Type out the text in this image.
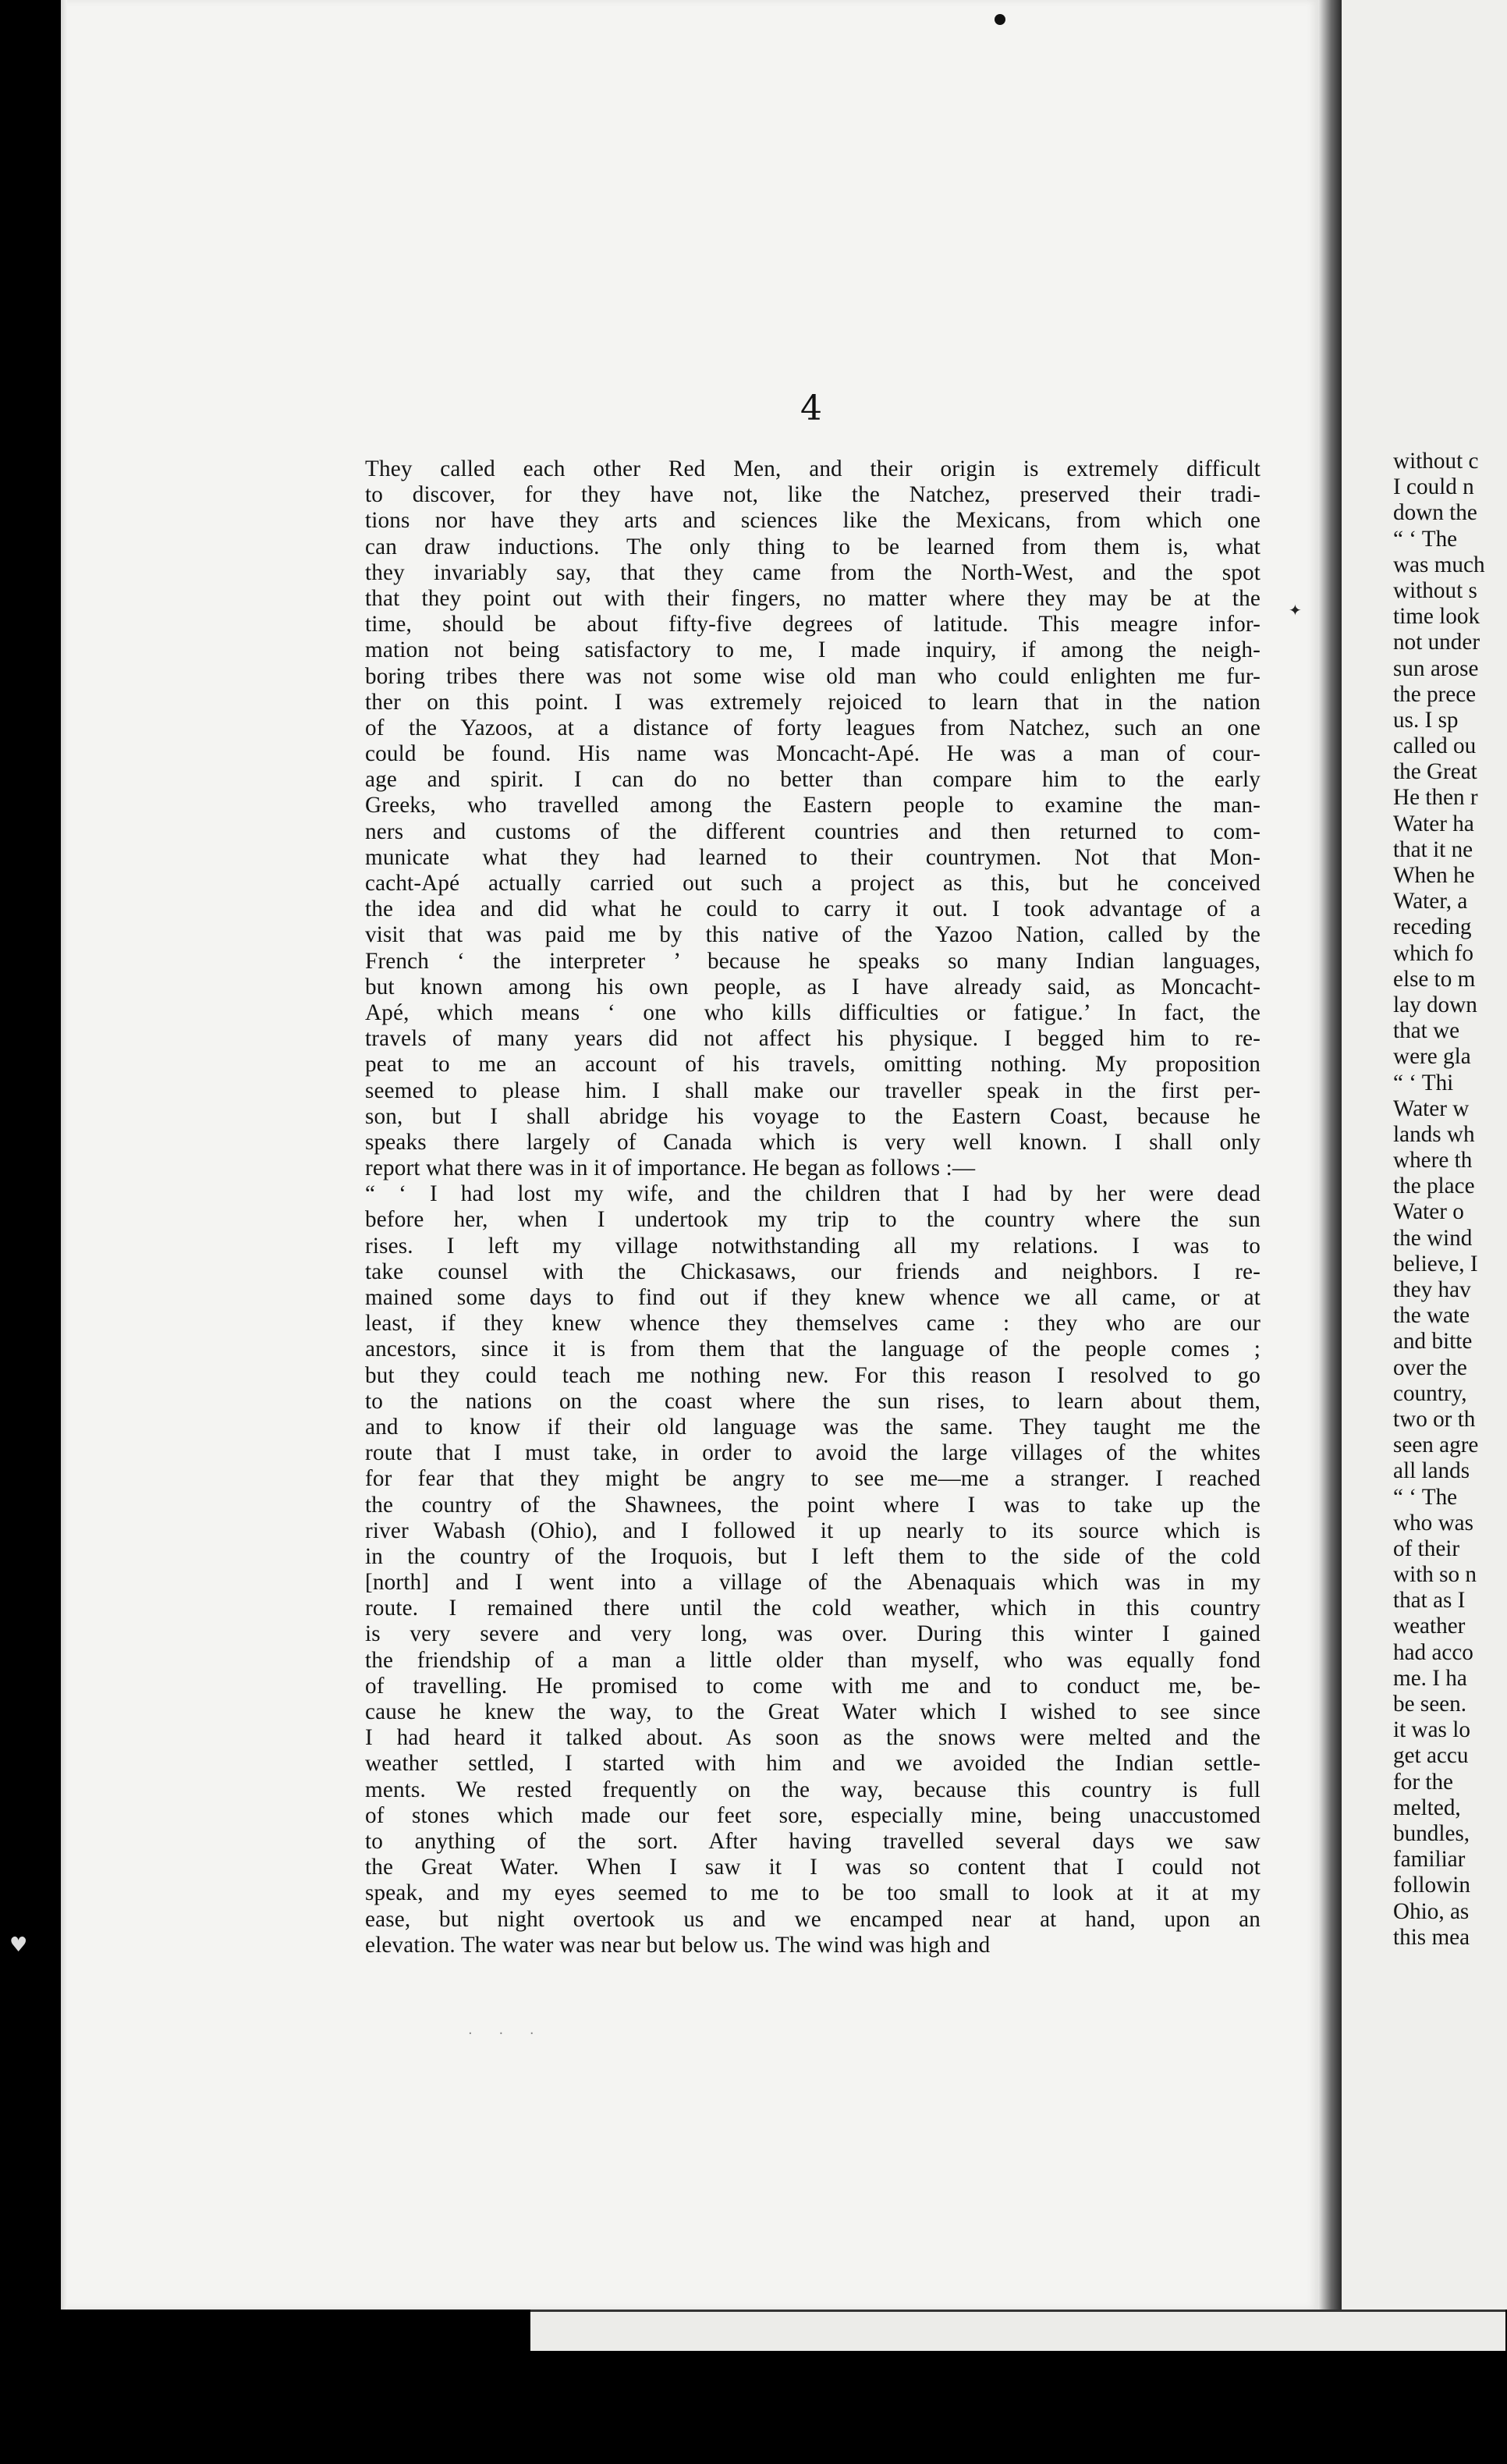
✦
♥
· · ·
4
They called each other Red Men, and their origin is extremely difficult
to discover, for they have not, like the Natchez, preserved their tradi-
tions nor have they arts and sciences like the Mexicans, from which one
can draw inductions. The only thing to be learned from them is, what
they invariably say, that they came from the North-West, and the spot
that they point out with their fingers, no matter where they may be at the
time, should be about fifty-five degrees of latitude. This meagre infor-
mation not being satisfactory to me, I made inquiry, if among the neigh-
boring tribes there was not some wise old man who could enlighten me fur-
ther on this point. I was extremely rejoiced to learn that in the nation
of the Yazoos, at a distance of forty leagues from Natchez, such an one
could be found. His name was Moncacht-Apé. He was a man of cour-
age and spirit. I can do no better than compare him to the early
Greeks, who travelled among the Eastern people to examine the man-
ners and customs of the different countries and then returned to com-
municate what they had learned to their countrymen. Not that Mon-
cacht-Apé actually carried out such a project as this, but he conceived
the idea and did what he could to carry it out. I took advantage of a
visit that was paid me by this native of the Yazoo Nation, called by the
French ‘ the interpreter ’ because he speaks so many Indian languages,
but known among his own people, as I have already said, as Moncacht-
Apé, which means ‘ one who kills difficulties or fatigue.’ In fact, the
travels of many years did not affect his physique. I begged him to re-
peat to me an account of his travels, omitting nothing. My proposition
seemed to please him. I shall make our traveller speak in the first per-
son, but I shall abridge his voyage to the Eastern Coast, because he
speaks there largely of Canada which is very well known. I shall only
report what there was in it of importance. He began as follows :—
“ ‘ I had lost my wife, and the children that I had by her were dead
before her, when I undertook my trip to the country where the sun
rises. I left my village notwithstanding all my relations. I was to
take counsel with the Chickasaws, our friends and neighbors. I re-
mained some days to find out if they knew whence we all came, or at
least, if they knew whence they themselves came : they who are our
ancestors, since it is from them that the language of the people comes ;
but they could teach me nothing new. For this reason I resolved to go
to the nations on the coast where the sun rises, to learn about them,
and to know if their old language was the same. They taught me the
route that I must take, in order to avoid the large villages of the whites
for fear that they might be angry to see me—me a stranger. I reached
the country of the Shawnees, the point where I was to take up the
river Wabash (Ohio), and I followed it up nearly to its source which is
in the country of the Iroquois, but I left them to the side of the cold
[north] and I went into a village of the Abenaquais which was in my
route. I remained there until the cold weather, which in this country
is very severe and very long, was over. During this winter I gained
the friendship of a man a little older than myself, who was equally fond
of travelling. He promised to come with me and to conduct me, be-
cause he knew the way, to the Great Water which I wished to see since
I had heard it talked about. As soon as the snows were melted and the
weather settled, I started with him and we avoided the Indian settle-
ments. We rested frequently on the way, because this country is full
of stones which made our feet sore, especially mine, being unaccustomed
to anything of the sort. After having travelled several days we saw
the Great Water. When I saw it I was so content that I could not
speak, and my eyes seemed to me to be too small to look at it at my
ease, but night overtook us and we encamped near at hand, upon an
elevation. The water was near but below us. The wind was high and
without c
I could n
down the
“ ‘ The
was much
without s
time look
not under
sun arose
the prece
us. I sp
called ou
the Great
He then r
Water ha
that it ne
When he
Water, a
receding
which fo
else to m
lay down
that we
were gla
“ ‘ Thi
Water w
lands wh
where th
the place
Water o
the wind
believe, I
they hav
the wate
and bitte
over the
country,
two or th
seen agre
all lands
“ ‘ The
who was
of their
with so n
that as I
weather
had acco
me. I ha
be seen.
it was lo
get accu
for the
melted,
bundles,
familiar
followin
Ohio, as
this mea
